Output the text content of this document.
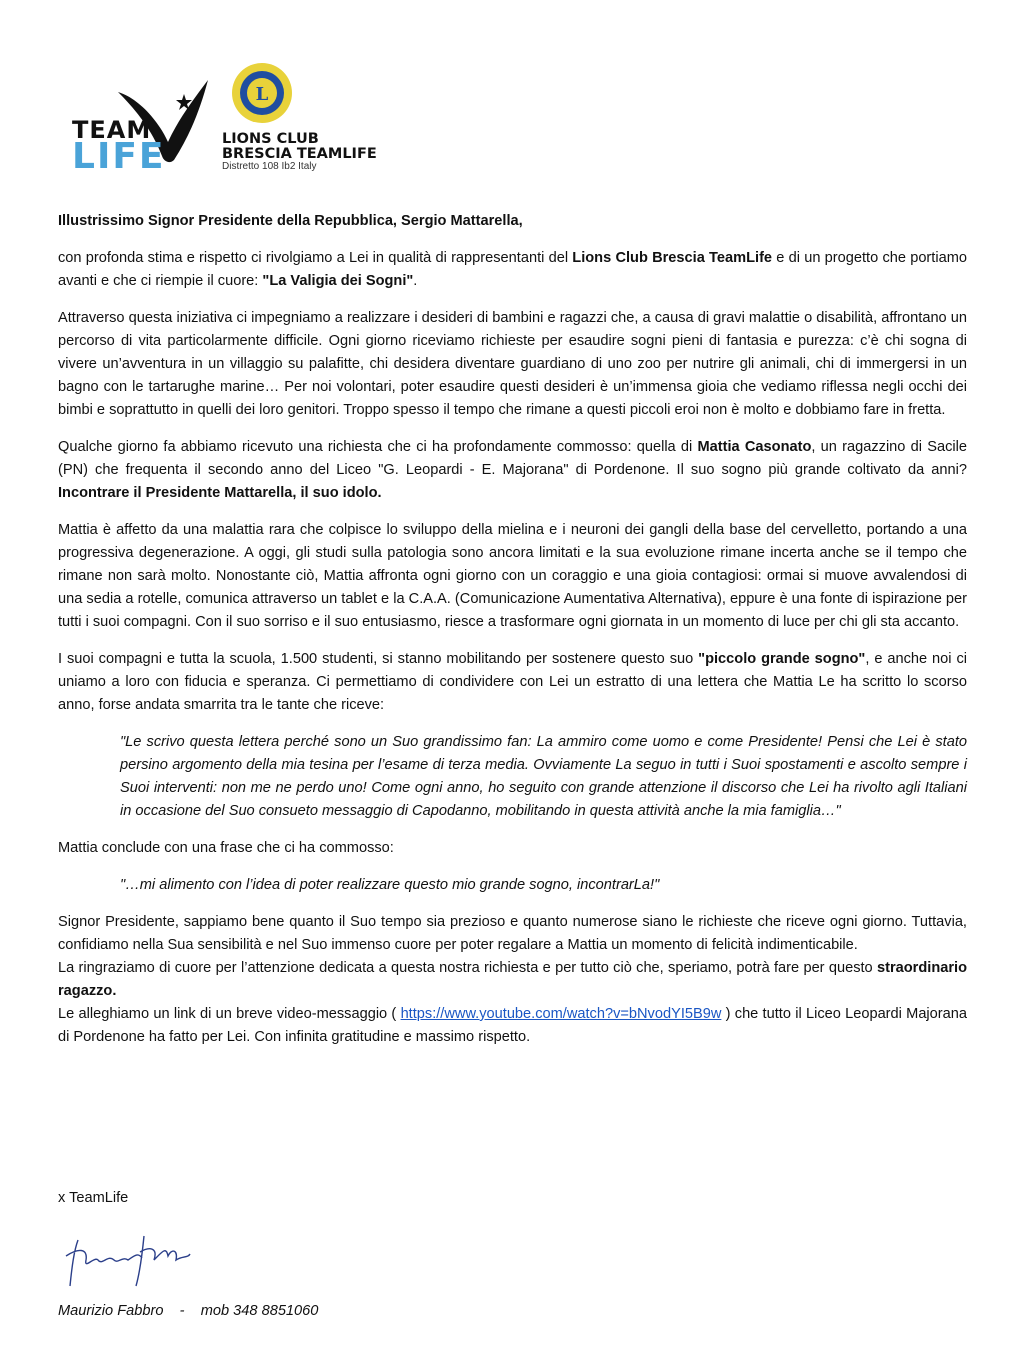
TEAM
LIFE
L
LIONS CLUB
BRESCIA TEAMLIFE
Distretto 108 Ib2 Italy

Illustrissimo Signor Presidente della Repubblica, Sergio Mattarella,

con profonda stima e rispetto ci rivolgiamo a Lei in qualità di rappresentanti del Lions Club Brescia TeamLife e di un progetto che portiamo avanti e che ci riempie il cuore: "La Valigia dei Sogni".

Attraverso questa iniziativa ci impegniamo a realizzare i desideri di bambini e ragazzi che, a causa di gravi malattie o disabilità, affrontano un percorso di vita particolarmente difficile. Ogni giorno riceviamo richieste per esaudire sogni pieni di fantasia e purezza: c’è chi sogna di vivere un’avventura in un villaggio su palafitte, chi desidera diventare guardiano di uno zoo per nutrire gli animali, chi di immergersi in un bagno con le tartarughe marine… Per noi volontari, poter esaudire questi desideri è un’immensa gioia che vediamo riflessa negli occhi dei bimbi e soprattutto in quelli dei loro genitori. Troppo spesso il tempo che rimane a questi piccoli eroi non è molto e dobbiamo fare in fretta.

Qualche giorno fa abbiamo ricevuto una richiesta che ci ha profondamente commosso: quella di Mattia Casonato, un ragazzino di Sacile (PN) che frequenta il secondo anno del Liceo "G. Leopardi - E. Majorana" di Pordenone. Il suo sogno più grande coltivato da anni? Incontrare il Presidente Mattarella, il suo idolo.

Mattia è affetto da una malattia rara che colpisce lo sviluppo della mielina e i neuroni dei gangli della base del cervelletto, portando a una progressiva degenerazione. A oggi, gli studi sulla patologia sono ancora limitati e la sua evoluzione rimane incerta anche se il tempo che rimane non sarà molto. Nonostante ciò, Mattia affronta ogni giorno con un coraggio e una gioia contagiosi: ormai si muove avvalendosi di una sedia a rotelle, comunica attraverso un tablet e la C.A.A. (Comunicazione Aumentativa Alternativa), eppure è una fonte di ispirazione per tutti i suoi compagni. Con il suo sorriso e il suo entusiasmo, riesce a trasformare ogni giornata in un momento di luce per chi gli sta accanto.

I suoi compagni e tutta la scuola, 1.500 studenti, si stanno mobilitando per sostenere questo suo "piccolo grande sogno", e anche noi ci uniamo a loro con fiducia e speranza. Ci permettiamo di condividere con Lei un estratto di una lettera che Mattia Le ha scritto lo scorso anno, forse andata smarrita tra le tante che riceve:

"Le scrivo questa lettera perché sono un Suo grandissimo fan: La ammiro come uomo e come Presidente! Pensi che Lei è stato persino argomento della mia tesina per l’esame di terza media. Ovviamente La seguo in tutti i Suoi spostamenti e ascolto sempre i Suoi interventi: non me ne perdo uno! Come ogni anno, ho seguito con grande attenzione il discorso che Lei ha rivolto agli Italiani in occasione del Suo consueto messaggio di Capodanno, mobilitando in questa attività anche la mia famiglia…"

Mattia conclude con una frase che ci ha commosso:

"…mi alimento con l’idea di poter realizzare questo mio grande sogno, incontrarLa!"

Signor Presidente, sappiamo bene quanto il Suo tempo sia prezioso e quanto numerose siano le richieste che riceve ogni giorno. Tuttavia, confidiamo nella Sua sensibilità e nel Suo immenso cuore per poter regalare a Mattia un momento di felicità indimenticabile.

La ringraziamo di cuore per l’attenzione dedicata a questa nostra richiesta e per tutto ciò che, speriamo, potrà fare per questo straordinario ragazzo.

Le alleghiamo un link di un breve video-messaggio ( https://www.youtube.com/watch?v=bNvodYI5B9w ) che tutto il Liceo Leopardi Majorana di Pordenone ha fatto per Lei. Con infinita gratitudine e massimo rispetto.

x TeamLife
Maurizio Fabbro    -    mob 348 8851060
